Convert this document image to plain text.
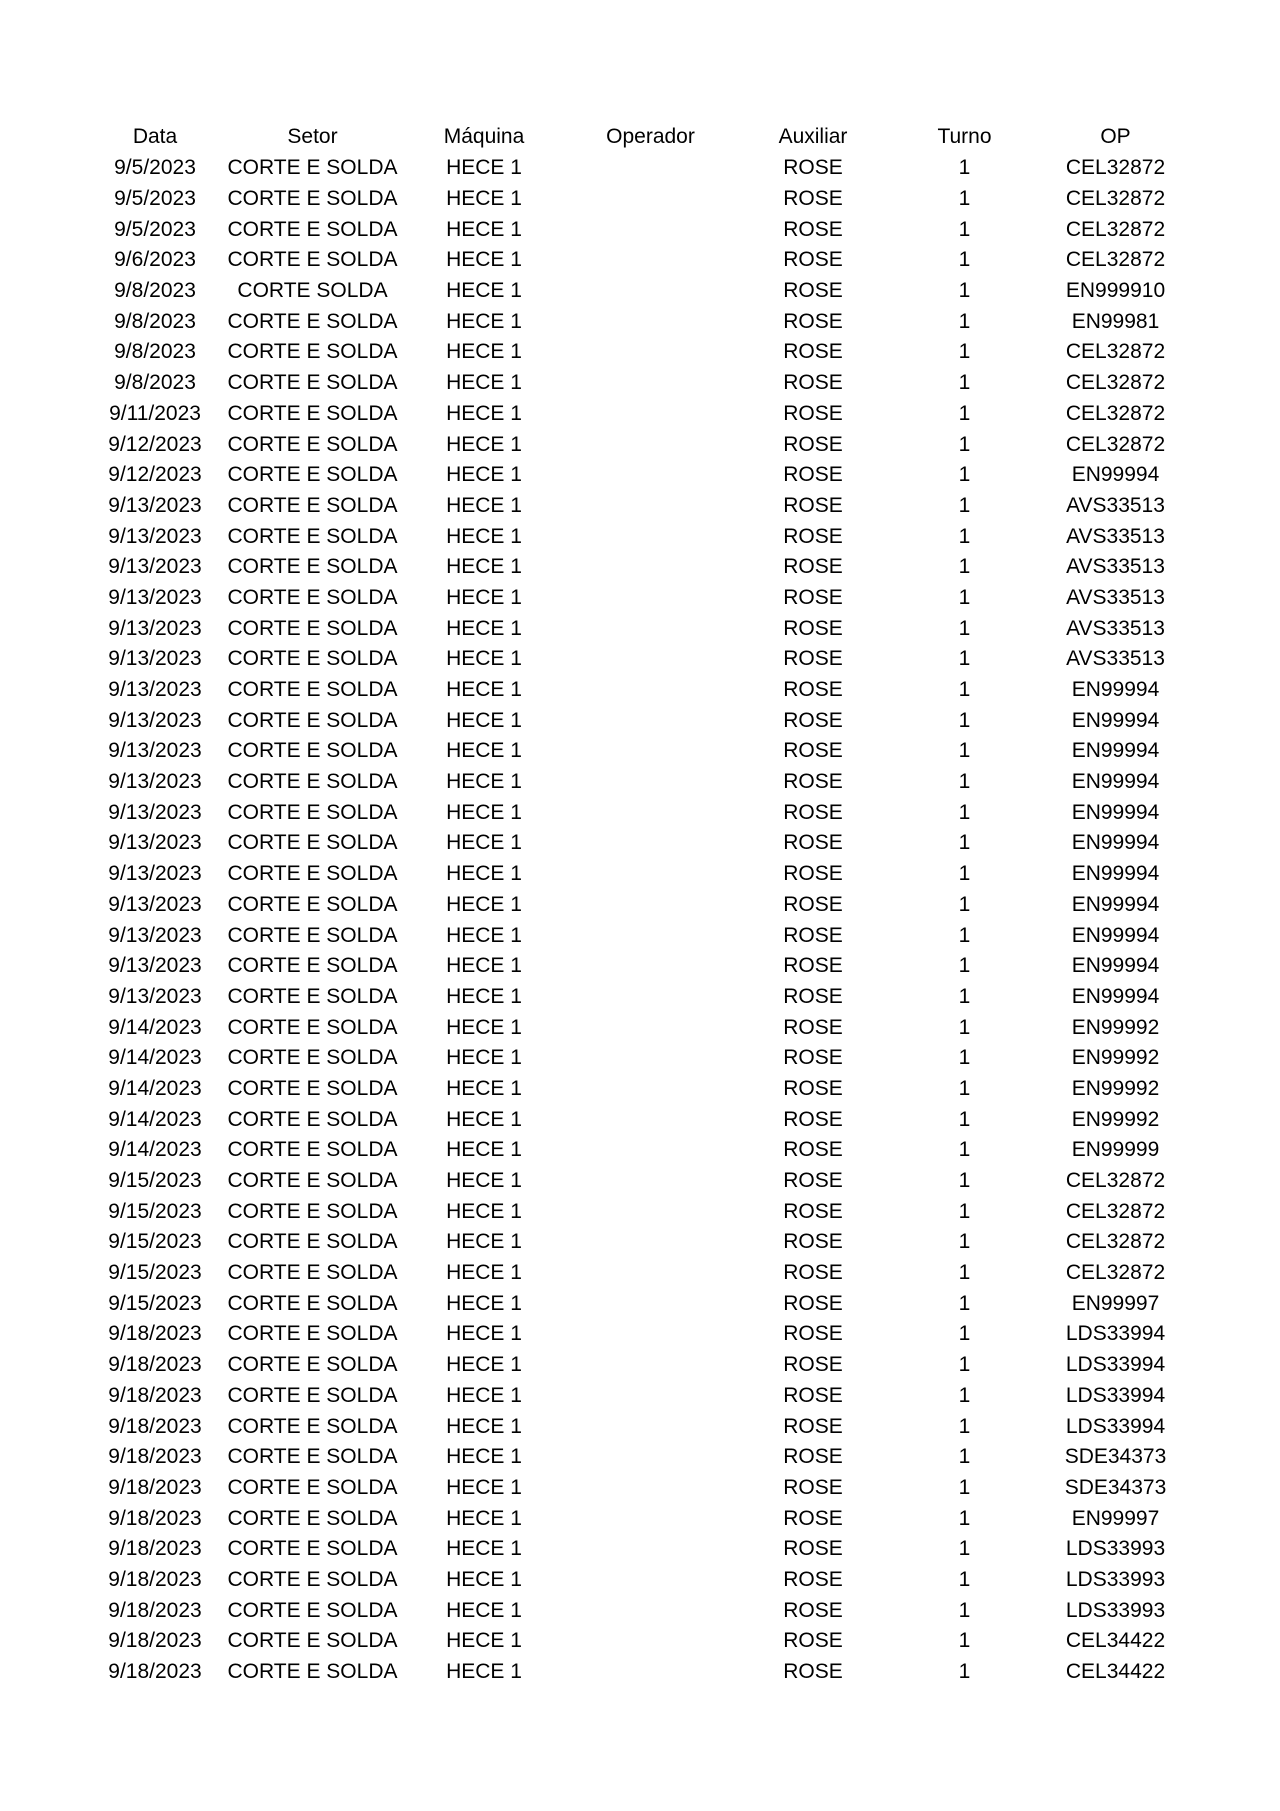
Data	Setor	Máquina	Operador	Auxiliar	Turno	OP
9/5/2023	CORTE E SOLDA	HECE 1		ROSE	1	CEL32872
9/5/2023	CORTE E SOLDA	HECE 1		ROSE	1	CEL32872
9/5/2023	CORTE E SOLDA	HECE 1		ROSE	1	CEL32872
9/6/2023	CORTE E SOLDA	HECE 1		ROSE	1	CEL32872
9/8/2023	CORTE SOLDA	HECE 1		ROSE	1	EN999910
9/8/2023	CORTE E SOLDA	HECE 1		ROSE	1	EN99981
9/8/2023	CORTE E SOLDA	HECE 1		ROSE	1	CEL32872
9/8/2023	CORTE E SOLDA	HECE 1		ROSE	1	CEL32872
9/11/2023	CORTE E SOLDA	HECE 1		ROSE	1	CEL32872
9/12/2023	CORTE E SOLDA	HECE 1		ROSE	1	CEL32872
9/12/2023	CORTE E SOLDA	HECE 1		ROSE	1	EN99994
9/13/2023	CORTE E SOLDA	HECE 1		ROSE	1	AVS33513
9/13/2023	CORTE E SOLDA	HECE 1		ROSE	1	AVS33513
9/13/2023	CORTE E SOLDA	HECE 1		ROSE	1	AVS33513
9/13/2023	CORTE E SOLDA	HECE 1		ROSE	1	AVS33513
9/13/2023	CORTE E SOLDA	HECE 1		ROSE	1	AVS33513
9/13/2023	CORTE E SOLDA	HECE 1		ROSE	1	AVS33513
9/13/2023	CORTE E SOLDA	HECE 1		ROSE	1	EN99994
9/13/2023	CORTE E SOLDA	HECE 1		ROSE	1	EN99994
9/13/2023	CORTE E SOLDA	HECE 1		ROSE	1	EN99994
9/13/2023	CORTE E SOLDA	HECE 1		ROSE	1	EN99994
9/13/2023	CORTE E SOLDA	HECE 1		ROSE	1	EN99994
9/13/2023	CORTE E SOLDA	HECE 1		ROSE	1	EN99994
9/13/2023	CORTE E SOLDA	HECE 1		ROSE	1	EN99994
9/13/2023	CORTE E SOLDA	HECE 1		ROSE	1	EN99994
9/13/2023	CORTE E SOLDA	HECE 1		ROSE	1	EN99994
9/13/2023	CORTE E SOLDA	HECE 1		ROSE	1	EN99994
9/13/2023	CORTE E SOLDA	HECE 1		ROSE	1	EN99994
9/14/2023	CORTE E SOLDA	HECE 1		ROSE	1	EN99992
9/14/2023	CORTE E SOLDA	HECE 1		ROSE	1	EN99992
9/14/2023	CORTE E SOLDA	HECE 1		ROSE	1	EN99992
9/14/2023	CORTE E SOLDA	HECE 1		ROSE	1	EN99992
9/14/2023	CORTE E SOLDA	HECE 1		ROSE	1	EN99999
9/15/2023	CORTE E SOLDA	HECE 1		ROSE	1	CEL32872
9/15/2023	CORTE E SOLDA	HECE 1		ROSE	1	CEL32872
9/15/2023	CORTE E SOLDA	HECE 1		ROSE	1	CEL32872
9/15/2023	CORTE E SOLDA	HECE 1		ROSE	1	CEL32872
9/15/2023	CORTE E SOLDA	HECE 1		ROSE	1	EN99997
9/18/2023	CORTE E SOLDA	HECE 1		ROSE	1	LDS33994
9/18/2023	CORTE E SOLDA	HECE 1		ROSE	1	LDS33994
9/18/2023	CORTE E SOLDA	HECE 1		ROSE	1	LDS33994
9/18/2023	CORTE E SOLDA	HECE 1		ROSE	1	LDS33994
9/18/2023	CORTE E SOLDA	HECE 1		ROSE	1	SDE34373
9/18/2023	CORTE E SOLDA	HECE 1		ROSE	1	SDE34373
9/18/2023	CORTE E SOLDA	HECE 1		ROSE	1	EN99997
9/18/2023	CORTE E SOLDA	HECE 1		ROSE	1	LDS33993
9/18/2023	CORTE E SOLDA	HECE 1		ROSE	1	LDS33993
9/18/2023	CORTE E SOLDA	HECE 1		ROSE	1	LDS33993
9/18/2023	CORTE E SOLDA	HECE 1		ROSE	1	CEL34422
9/18/2023	CORTE E SOLDA	HECE 1		ROSE	1	CEL34422
